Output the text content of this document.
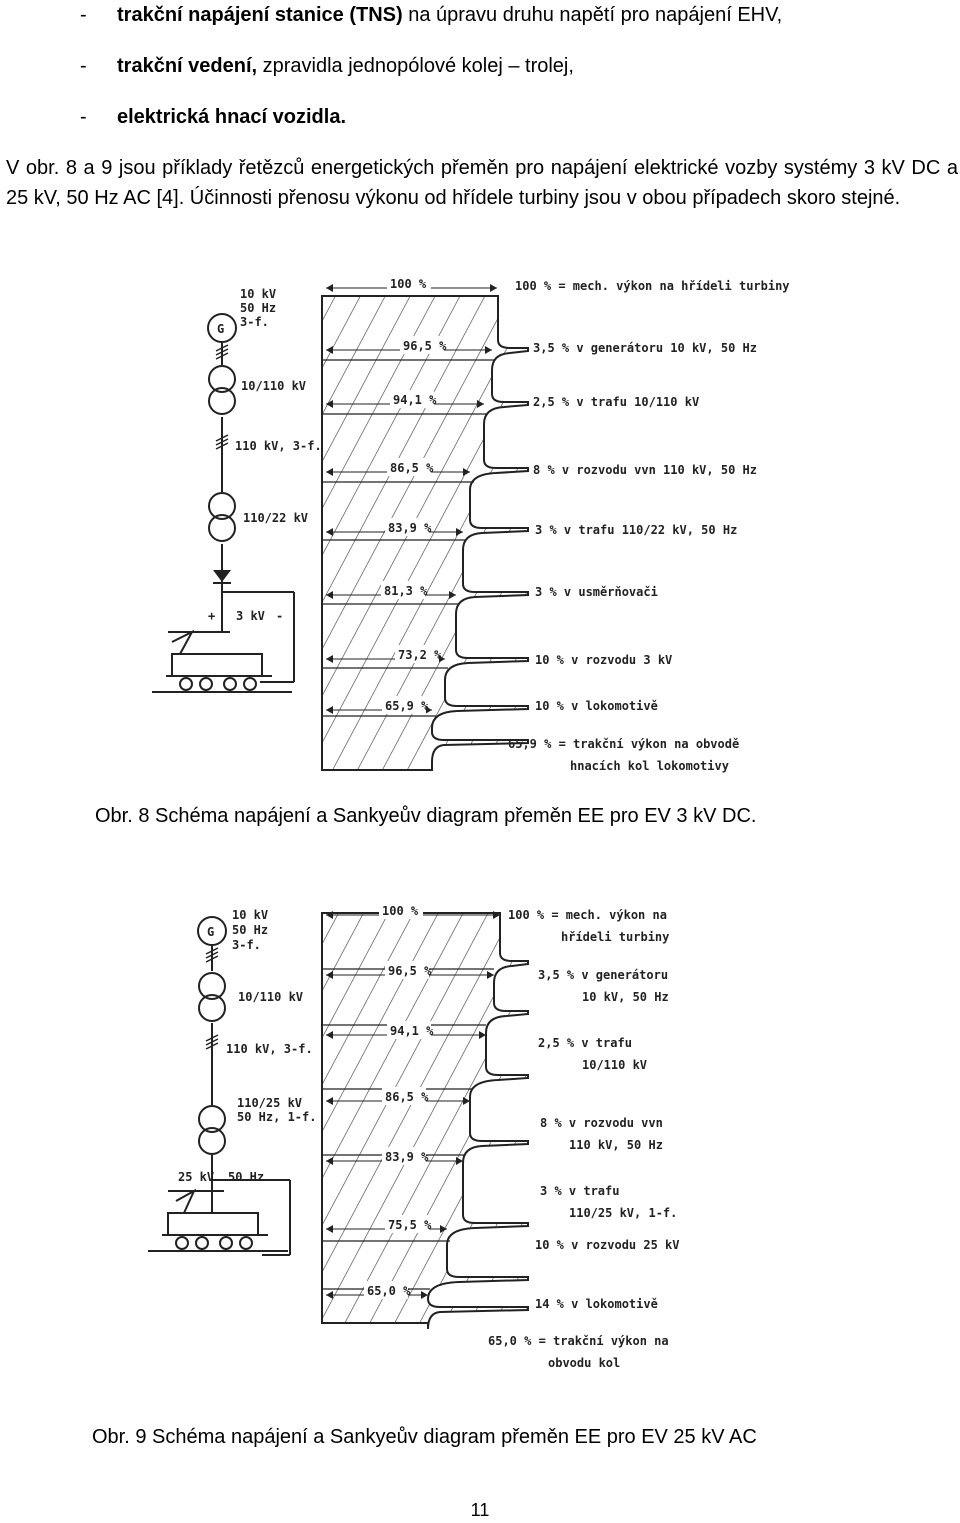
- trakční napájení stanice (TNS) na úpravu druhu napětí pro napájení EHV,
- trakční vedení, zpravidla jednopólové kolej – trolej,
- elektrická hnací vozidla.
V obr. 8 a 9 jsou příklady řetězců energetických přeměn pro napájení elektrické vozby systémy 3 kV DC a 25 kV, 50 Hz AC [4]. Účinnosti přenosu výkonu od hřídele turbiny jsou v obou případech skoro stejné.
G
10 kV
50 Hz
3-f.
10/110 kV
110 kV, 3-f.
110/22 kV
+ 3 kV -
100 %
96,5 %
94,1 %
86,5 %
83,9 %
81,3 %
73,2 %
65,9 %
100 % = mech. výkon na hřídeli turbiny
3,5 % v generátoru 10 kV, 50 Hz
2,5 % v trafu 10/110 kV
8 % v rozvodu vvn 110 kV, 50 Hz
3 % v trafu 110/22 kV, 50 Hz
3 % v usměrňovači
10 % v rozvodu 3 kV
10 % v lokomotivě
65,9 % = trakční výkon na obvodě
hnacích kol lokomotivy
Obr. 8 Schéma napájení a Sankyeův diagram přeměn EE pro EV 3 kV DC.
G
10 kV
50 Hz
3-f.
10/110 kV
110 kV, 3-f.
110/25 kV
50 Hz, 1-f.
25 kV 50 Hz
100 %
96,5 %
94,1 %
86,5 %
83,9 %
75,5 %
65,0 %
100 % = mech. výkon na
hřídeli turbiny
3,5 % v generátoru
10 kV, 50 Hz
2,5 % v trafu
10/110 kV
8 % v rozvodu vvn
110 kV, 50 Hz
3 % v trafu
110/25 kV, 1-f.
10 % v rozvodu 25 kV
14 % v lokomotivě
65,0 % = trakční výkon na
obvodu kol
Obr. 9 Schéma napájení a Sankyeův diagram přeměn EE pro EV 25 kV AC
11
